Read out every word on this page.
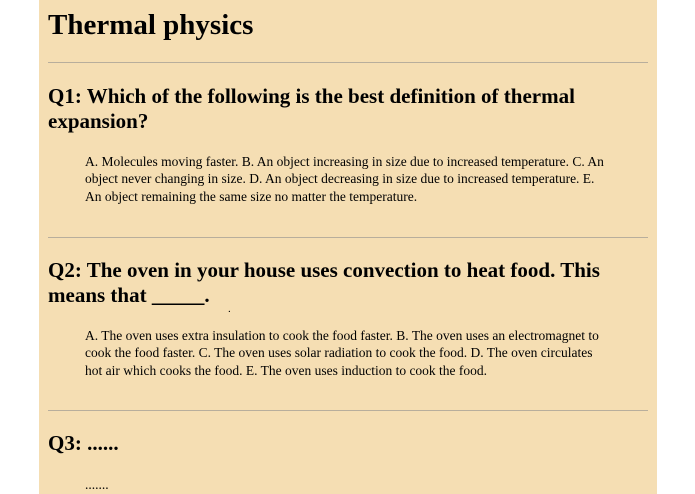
Thermal physics
Q1: Which of the following is the best definition of thermal expansion?

A. Molecules moving faster. B. An object increasing in size due to increased temperature. C. An object never changing in size. D. An object decreasing in size due to increased temperature. E. An object remaining the same size no matter the temperature.

Q2: The oven in your house uses convection to heat food. This means that _____.
.

A. The oven uses extra insulation to cook the food faster. B. The oven uses an electromagnet to cook the food faster. C. The oven uses solar radiation to cook the food. D. The oven circulates hot air which cooks the food. E. The oven uses induction to cook the food.

Q3: ......

.......
